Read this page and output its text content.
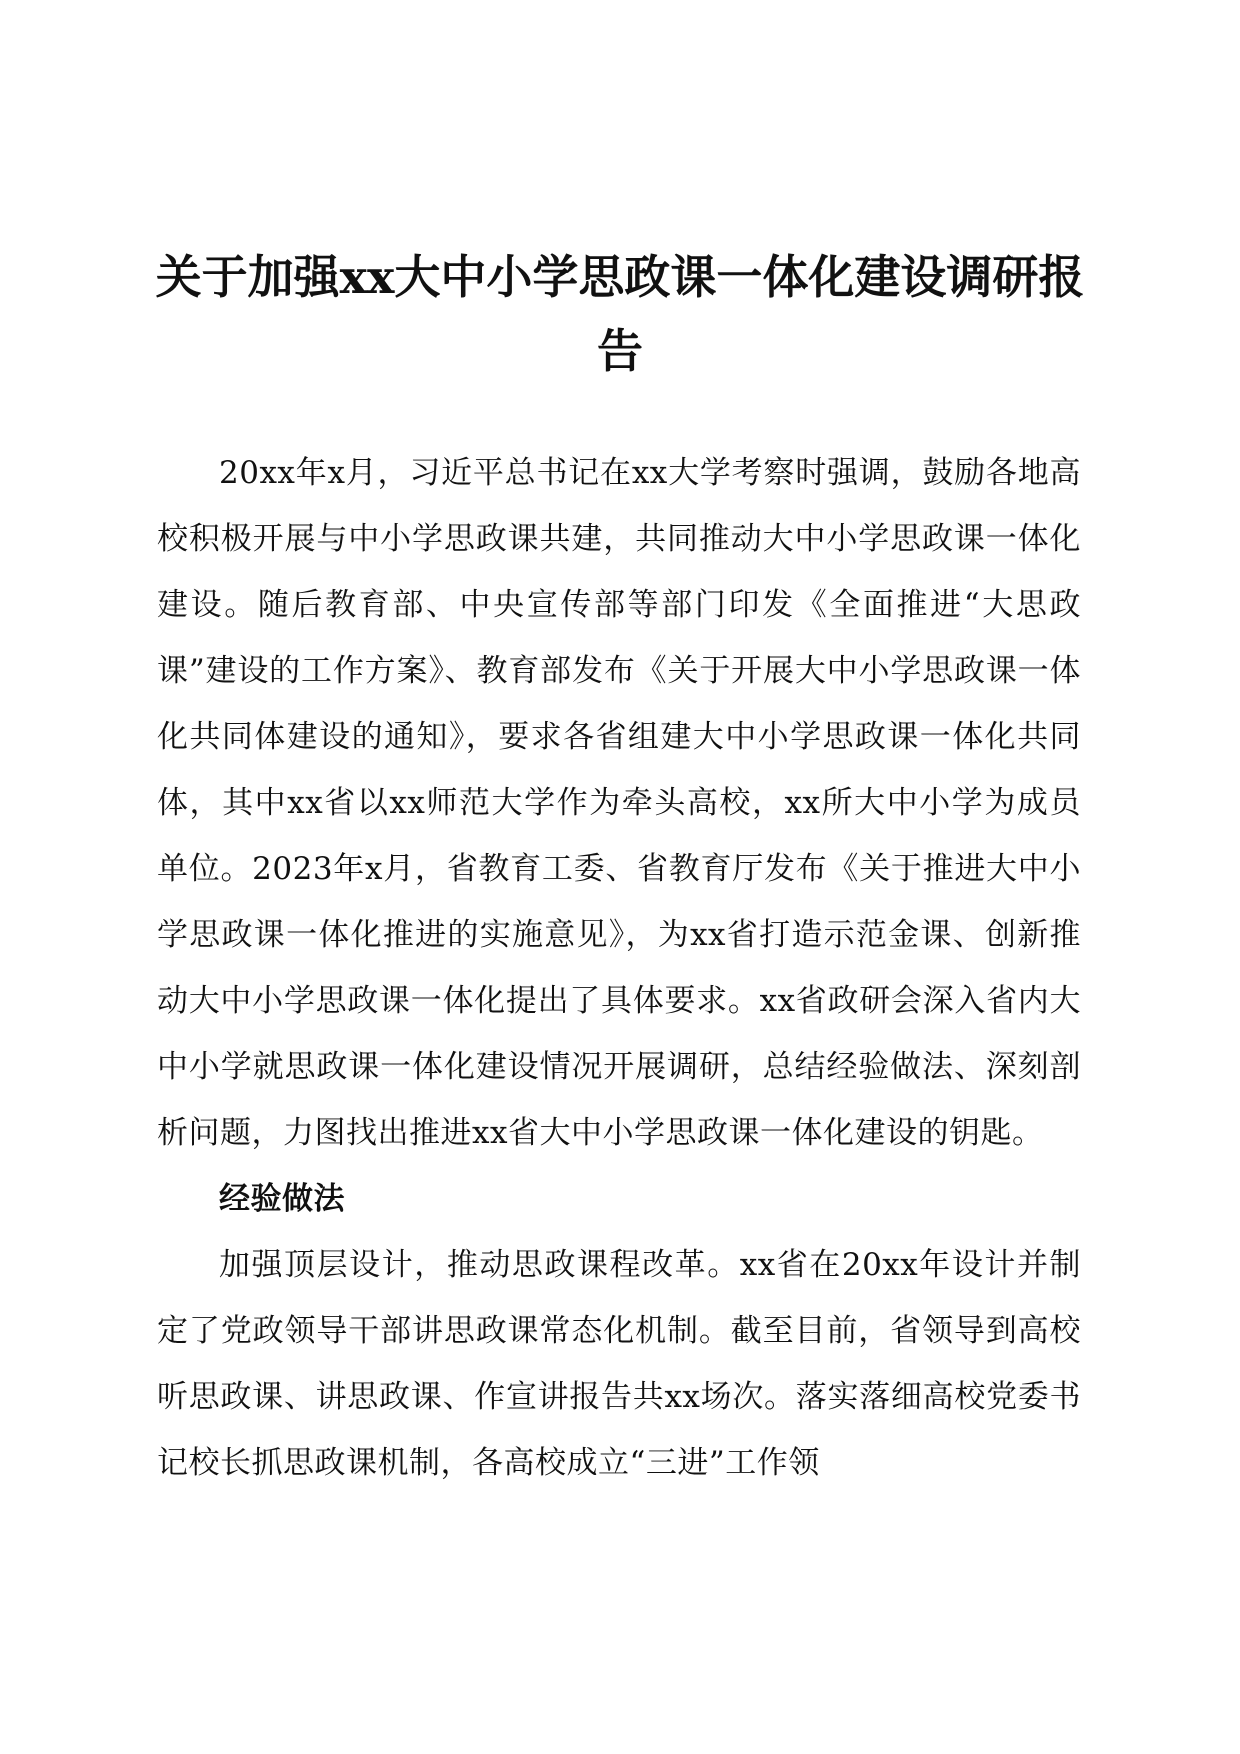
关于加强xx大中小学思政课一体化建设调研报告

20xx年x月，习近平总书记在xx大学考察时强调，鼓励各地高校积极开展与中小学思政课共建，共同推动大中小学思政课一体化建设。随后教育部、中央宣传部等部门印发《全面推进“大思政课”建设的工作方案》、教育部发布《关于开展大中小学思政课一体化共同体建设的通知》，要求各省组建大中小学思政课一体化共同体，其中xx省以xx师范大学作为牵头高校，xx所大中小学为成员单位。2023年x月，省教育工委、省教育厅发布《关于推进大中小学思政课一体化推进的实施意见》，为xx省打造示范金课、创新推动大中小学思政课一体化提出了具体要求。xx省政研会深入省内大中小学就思政课一体化建设情况开展调研，总结经验做法、深刻剖析问题，力图找出推进xx省大中小学思政课一体化建设的钥匙。

经验做法

加强顶层设计，推动思政课程改革。xx省在20xx年设计并制定了党政领导干部讲思政课常态化机制。截至目前，省领导到高校听思政课、讲思政课、作宣讲报告共xx场次。落实落细高校党委书记校长抓思政课机制，各高校成立“三进”工作领
